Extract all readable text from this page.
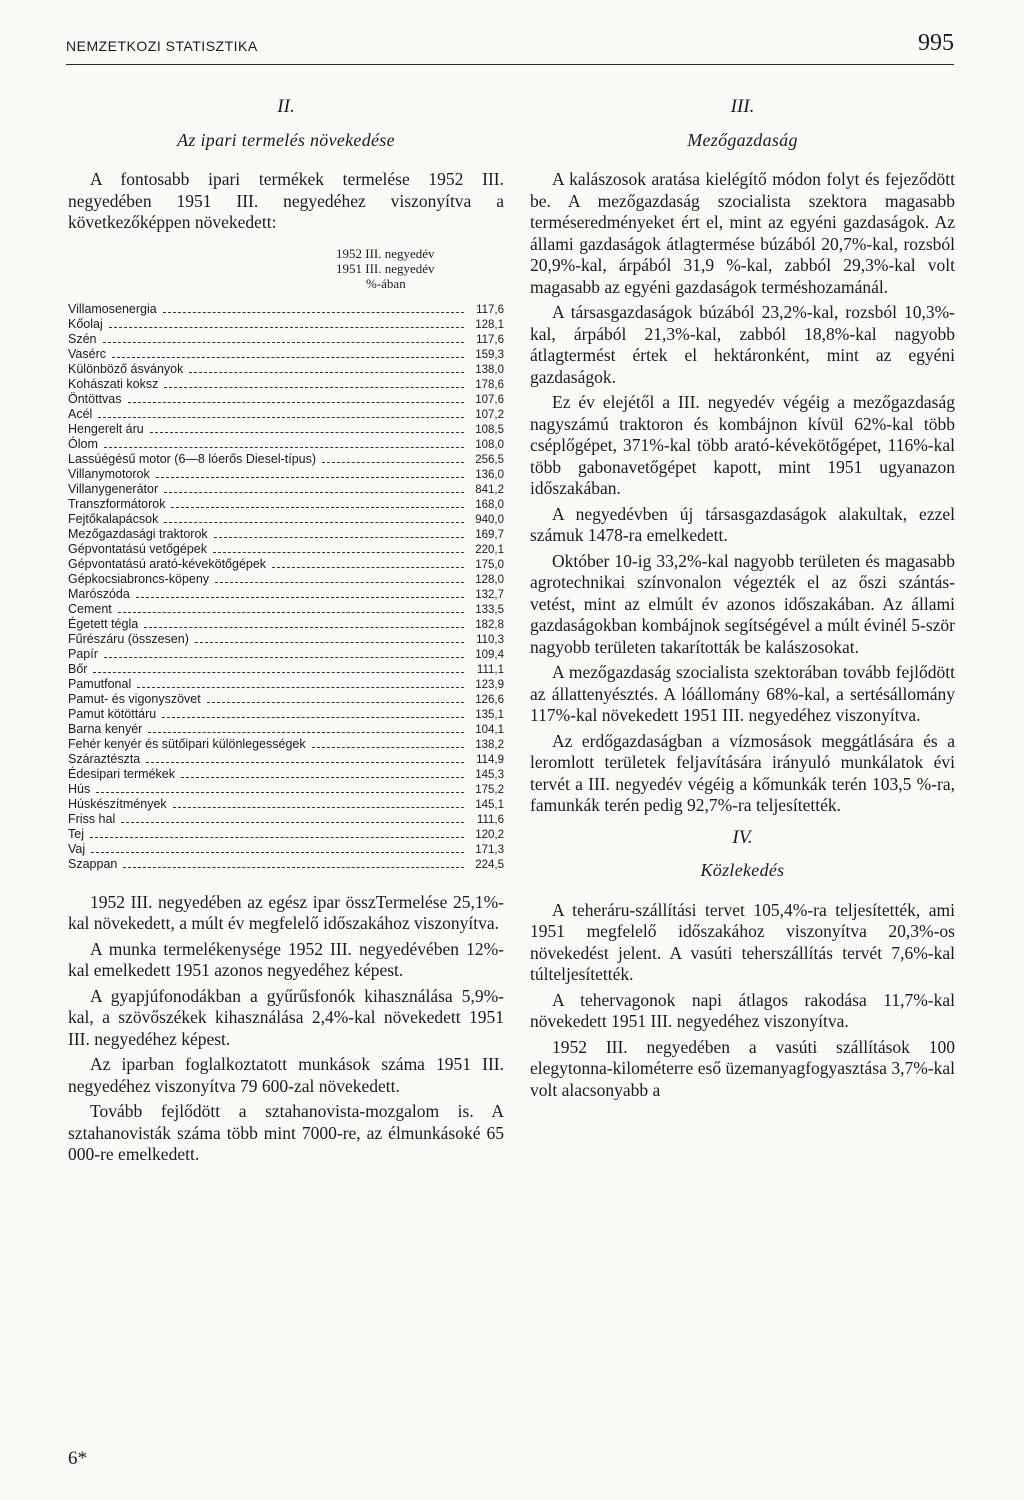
NEMZETKOZI STATISZTIKA	995
II.
Az ipari termelés növekedése

A fontosabb ipari termékek termelése 1952 III. negyedében 1951 III. negyedéhez viszonyítva a következőképpen növekedett:

1952 III. negyedév
1951 III. negyedév
%-ában
Villamosenergia	117,6
Kőolaj	128,1
Szén	117,6
Vasérc	159,3
Különböző ásványok	138,0
Kohászati koksz	178,6
Öntöttvas	107,6
Acél	107,2
Hengerelt áru	108,5
Ólom	108,0
Lassúégésű motor (6—8 lóerős Diesel-típus)	256,5
Villanymotorok	136,0
Villanygenerátor	841,2
Transzformátorok	168,0
Fejtőkalapácsok	940,0
Mezőgazdasági traktorok	169,7
Gépvontatású vetőgépek	220,1
Gépvontatású arató-kévekötőgépek	175,0
Gépkocsiabroncs-köpeny	128,0
Marószóda	132,7
Cement	133,5
Égetett tégla	182,8
Fűrészáru (összesen)	110,3
Papír	109,4
Bőr	111,1
Pamutfonal	123,9
Pamut- és vigonyszövet	126,6
Pamut kötöttáru	135,1
Barna kenyér	104,1
Fehér kenyér és sütőipari különlegességek	138,2
Száraztészta	114,9
Édesipari termékek	145,3
Hús	175,2
Húskészítmények	145,1
Friss hal	111,6
Tej	120,2
Vaj	171,3
Szappan	224,5

1952 III. negyedében az egész ipar összTermelése 25,1%-kal növekedett, a múlt év megfelelő időszakához viszonyítva.

A munka termelékenysége 1952 III. negyedévében 12%-kal emelkedett 1951 azonos negyedéhez képest.

A gyapjúfonodákban a gyűrűsfonók kihasználása 5,9%-kal, a szövőszékek kihasználása 2,4%-kal növekedett 1951 III. negyedéhez képest.

Az iparban foglalkoztatott munkások száma 1951 III. negyedéhez viszonyítva 79 600-zal növekedett.

Tovább fejlődött a sztahanovista-mozgalom is. A sztahanovisták száma több mint 7000-re, az élmunkásoké 65 000-re emelkedett.

III.
Mezőgazdaság

A kalászosok aratása kielégítő módon folyt és fejeződött be. A mezőgazdaság szocialista szektora magasabb terméseredményeket ért el, mint az egyéni gazdaságok. Az állami gazdaságok átlagtermése búzából 20,7%-kal, rozsból 20,9%-kal, árpából 31,9 %-kal, zabból 29,3%-kal volt magasabb az egyéni gazdaságok terméshozamánál.

A társasgazdaságok búzából 23,2%-kal, rozsból 10,3%-kal, árpából 21,3%-kal, zabból 18,8%-kal nagyobb átlagtermést értek el hektáronként, mint az egyéni gazdaságok.

Ez év elejétől a III. negyedév végéig a mezőgazdaság nagyszámú traktoron és kombájnon kívül 62%-kal több cséplőgépet, 371%-kal több arató-kévekötőgépet, 116%-kal több gabonavetőgépet kapott, mint 1951 ugyanazon időszakában.

A negyedévben új társasgazdaságok alakultak, ezzel számuk 1478-ra emelkedett.

Október 10-ig 33,2%-kal nagyobb területen és magasabb agrotechnikai színvonalon végezték el az őszi szántás-vetést, mint az elmúlt év azonos időszakában. Az állami gazdaságokban kombájnok segítségével a múlt évinél 5-ször nagyobb területen takarították be kalászosokat.

A mezőgazdaság szocialista szektorában tovább fejlődött az állattenyésztés. A lóállomány 68%-kal, a sertésállomány 117%-kal növekedett 1951 III. negyedéhez viszonyítva.

Az erdőgazdaságban a vízmosások meggátlására és a leromlott területek feljavítására irányuló munkálatok évi tervét a III. negyedév végéig a kőmunkák terén 103,5 %-ra, famunkák terén pedig 92,7%-ra teljesítették.

IV.
Közlekedés

A teheráru-szállítási tervet 105,4%-ra teljesítették, ami 1951 megfelelő időszakához viszonyítva 20,3%-os növekedést jelent. A vasúti teherszállítás tervét 7,6%-kal túlteljesítették.

A tehervagonok napi átlagos rakodása 11,7%-kal növekedett 1951 III. negyedéhez viszonyítva.

1952 III. negyedében a vasúti szállítások 100 elegytonna-kilométerre eső üzemanyagfogyasztása 3,7%-kal volt alacsonyabb a

6*
